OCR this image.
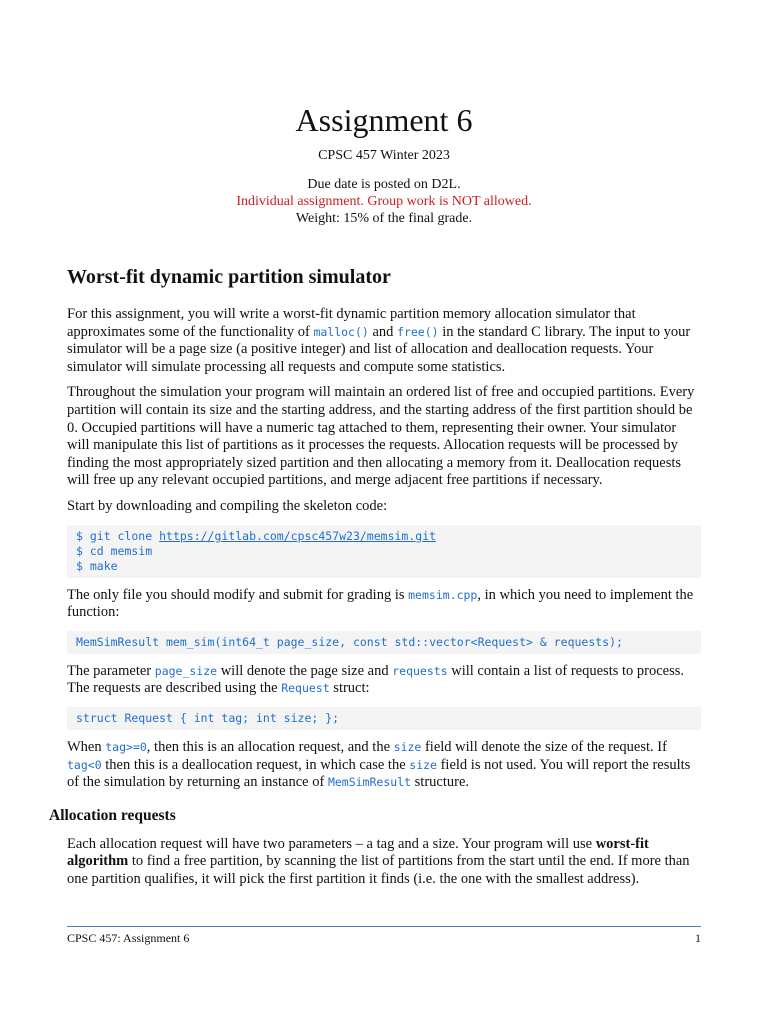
Assignment 6
CPSC 457 Winter 2023
Due date is posted on D2L.
Individual assignment. Group work is NOT allowed.
Weight: 15% of the final grade.
Worst-fit dynamic partition simulator

For this assignment, you will write a worst-fit dynamic partition memory allocation simulator that approximates some of the functionality of malloc() and free() in the standard C library. The input to your simulator will be a page size (a positive integer) and list of allocation and deallocation requests. Your simulator will simulate processing all requests and compute some statistics.

Throughout the simulation your program will maintain an ordered list of free and occupied partitions. Every partition will contain its size and the starting address, and the starting address of the first partition should be 0. Occupied partitions will have a numeric tag attached to them, representing their owner. Your simulator will manipulate this list of partitions as it processes the requests. Allocation requests will be processed by finding the most appropriately sized partition and then allocating a memory from it. Deallocation requests will free up any relevant occupied partitions, and merge adjacent free partitions if necessary.

Start by downloading and compiling the skeleton code:

$ git clone https://gitlab.com/cpsc457w23/memsim.git
$ cd memsim
$ make

The only file you should modify and submit for grading is memsim.cpp, in which you need to implement the function:

MemSimResult mem_sim(int64_t page_size, const std::vector<Request> & requests);

The parameter page_size will denote the page size and requests will contain a list of requests to process. The requests are described using the Request struct:

struct Request { int tag; int size; };

When tag>=0, then this is an allocation request, and the size field will denote the size of the request. If tag<0 then this is a deallocation request, in which case the size field is not used. You will report the results of the simulation by returning an instance of MemSimResult structure.

Allocation requests

Each allocation request will have two parameters – a tag and a size. Your program will use worst-fit algorithm to find a free partition, by scanning the list of partitions from the start until the end. If more than one partition qualifies, it will pick the first partition it finds (i.e. the one with the smallest address).

CPSC 457: Assignment 6	1
